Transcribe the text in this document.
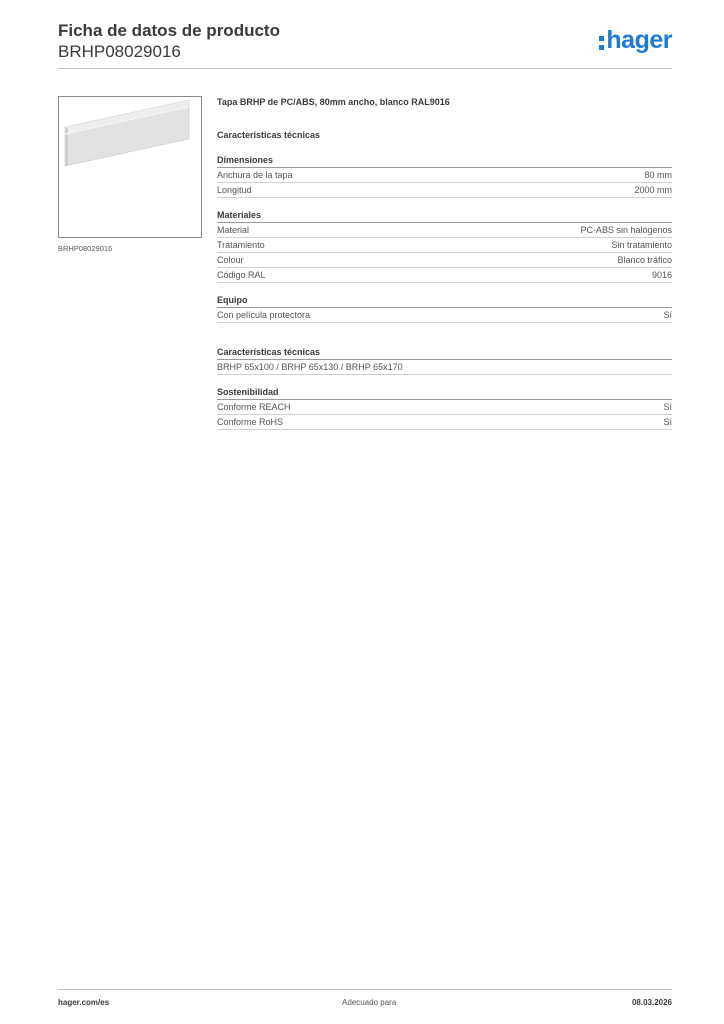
Ficha de datos de producto
BRHP08029016	hager
BRHP08029016
Tapa BRHP de PC/ABS, 80mm ancho, blanco RAL9016
Características técnicas
Dimensiones
Anchura de la tapa	80 mm
Longitud	2000 mm
Materiales
Material	PC-ABS sin halógenos
Tratamiento	Sin tratamiento
Colour	Blanco tráfico
Código RAL	9016
Equipo
Con película protectora	Sí
Características técnicas
BRHP 65x100 / BRHP 65x130 / BRHP 65x170
Sostenibilidad
Conforme REACH	Sí
Conforme RoHS	Sí
hager.com/es	Adecuado para	08.03.2026
